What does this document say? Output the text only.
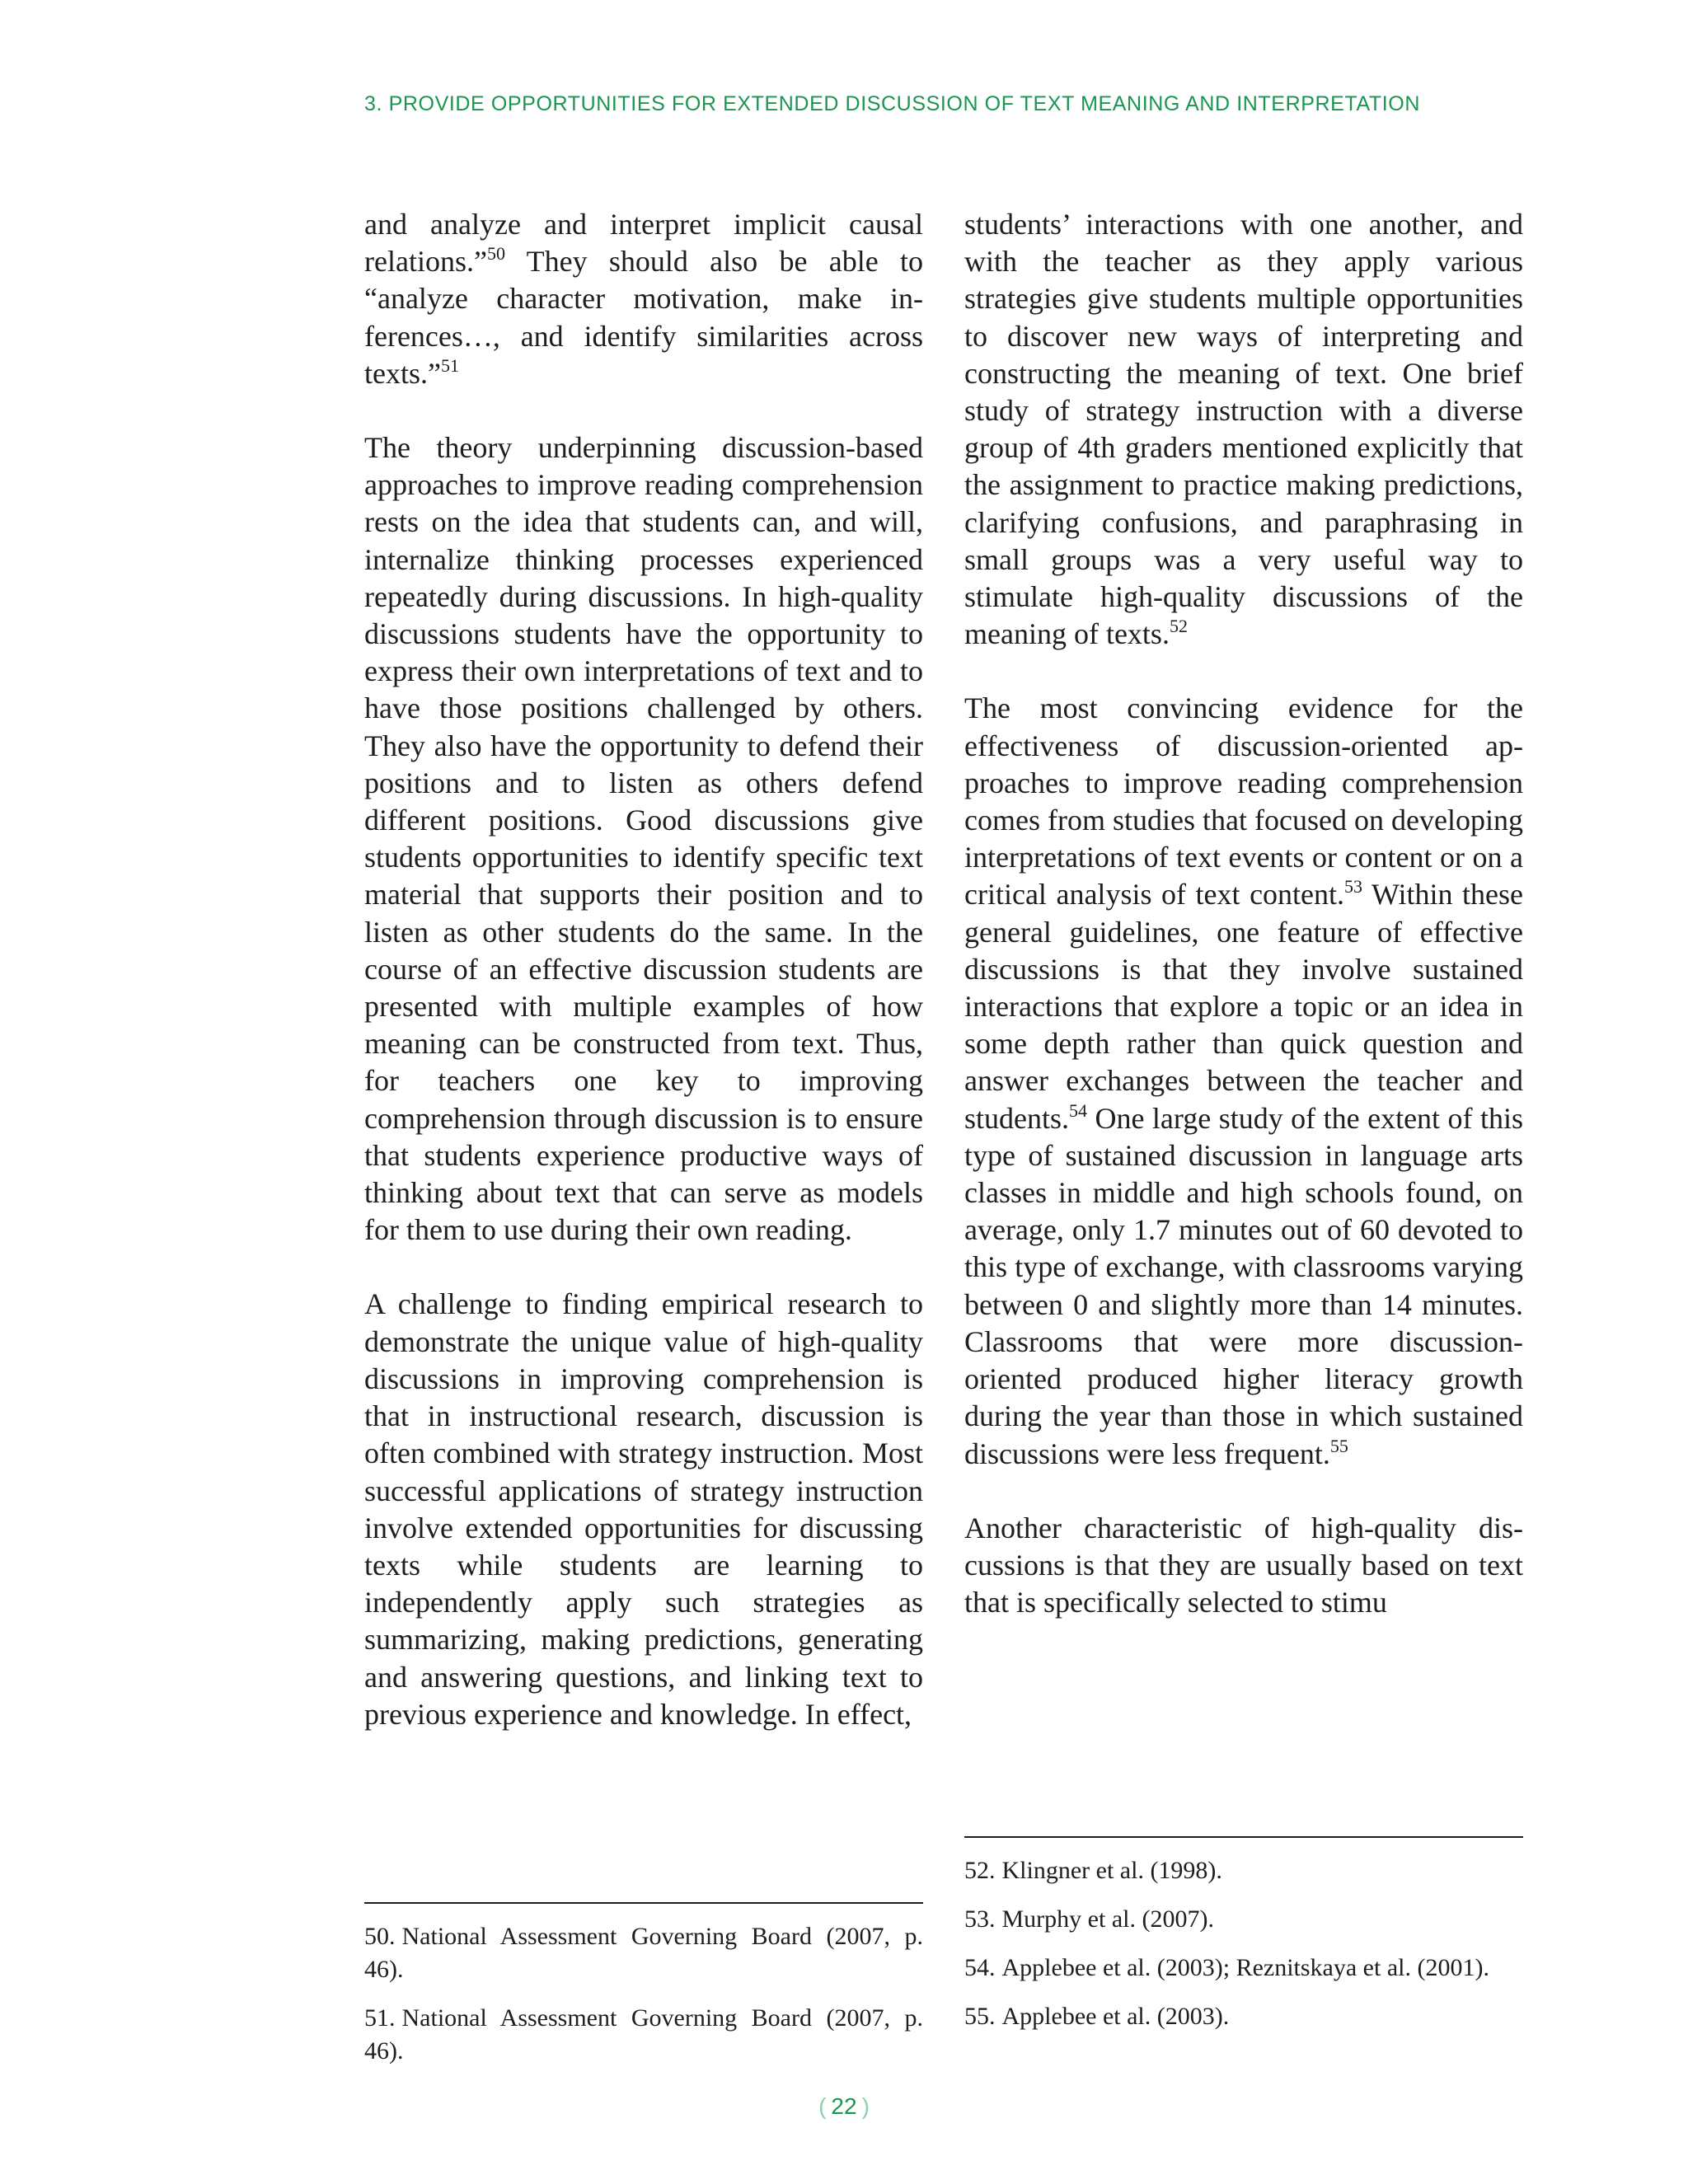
3. PROVIDE OPPORTUNITIES FOR EXTENDED DISCUSSION OF TEXT MEANING AND INTERPRETATION

and analyze and interpret implicit causal relations.”$^{50}$ They should also be able to “analyze character motivation, make inferences…, and identify similarities across texts.”$^{51}$

The theory underpinning discussion-based approaches to improve reading comprehension rests on the idea that students can, and will, internalize thinking processes experienced repeatedly during discussions. In high-quality discussions students have the opportunity to express their own interpretations of text and to have those positions challenged by others. They also have the opportunity to defend their positions and to listen as others defend different positions. Good discussions give students opportunities to identify specific text material that supports their position and to listen as other students do the same. In the course of an effective discussion students are presented with multiple examples of how meaning can be constructed from text. Thus, for teachers one key to improving comprehension through discussion is to ensure that students experience productive ways of thinking about text that can serve as models for them to use during their own reading.

A challenge to finding empirical research to demonstrate the unique value of high-quality discussions in improving comprehension is that in instructional research, discussion is often combined with strategy instruction. Most successful applications of strategy instruction involve extended opportunities for discussing texts while students are learning to independently apply such strategies as summarizing, making predictions, generating and answering questions, and linking text to previous experience and knowledge. In effect,

students’ interactions with one another, and with the teacher as they apply various strategies give students multiple opportunities to discover new ways of interpreting and constructing the meaning of text. One brief study of strategy instruction with a diverse group of 4th graders mentioned explicitly that the assignment to practice making predictions, clarifying confusions, and paraphrasing in small groups was a very useful way to stimulate high-quality discussions of the meaning of texts.$^{52}$

The most convincing evidence for the effectiveness of discussion-oriented approaches to improve reading comprehension comes from studies that focused on developing interpretations of text events or content or on a critical analysis of text content.$^{53}$ Within these general guidelines, one feature of effective discussions is that they involve sustained interactions that explore a topic or an idea in some depth rather than quick question and answer exchanges between the teacher and students.$^{54}$ One large study of the extent of this type of sustained discussion in language arts classes in middle and high schools found, on average, only 1.7 minutes out of 60 devoted to this type of exchange, with classrooms varying between 0 and slightly more than 14 minutes. Classrooms that were more discussion-oriented produced higher literacy growth during the year than those in which sustained discussions were less frequent.$^{55}$

Another characteristic of high-quality discussions is that they are usually based on text that is specifically selected to stimu

50. National Assessment Governing Board (2007, p. 46).

51. National Assessment Governing Board (2007, p. 46).

52. Klingner et al. (1998).

53. Murphy et al. (2007).

54. Applebee et al. (2003); Reznitskaya et al. (2001).

55. Applebee et al. (2003).

( 22 )
